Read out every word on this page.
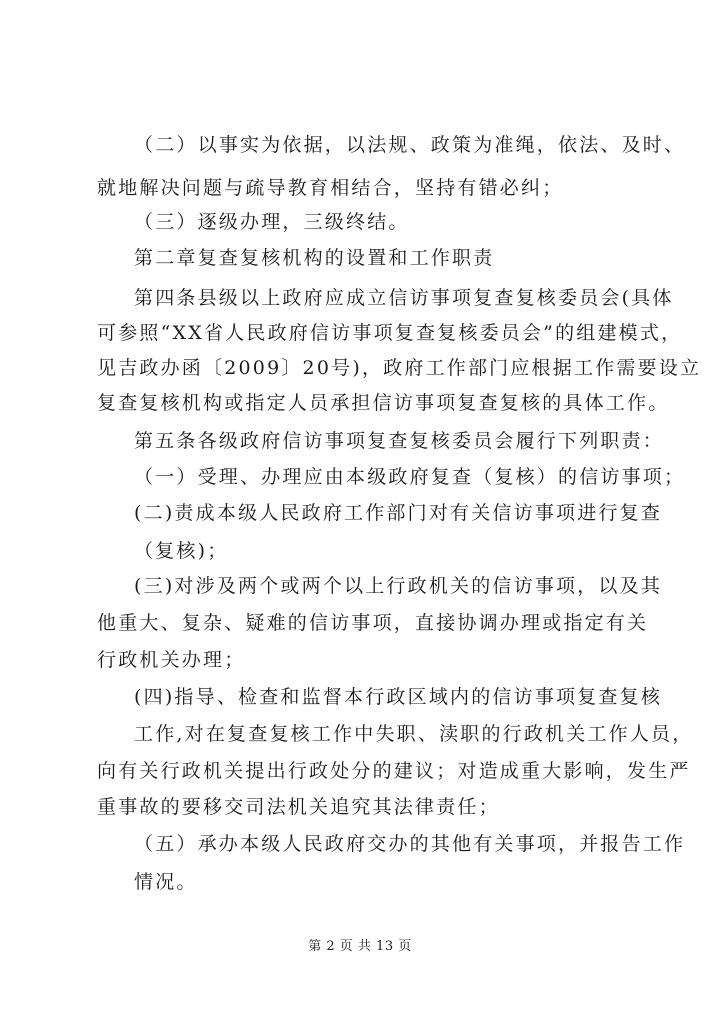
（二）以事实为依据，以法规、政策为准绳，依法、及时、
就地解决问题与疏导教育相结合，坚持有错必纠；
（三）逐级办理，三级终结。
第二章复查复核机构的设置和工作职责
第四条县级以上政府应成立信访事项复查复核委员会(具体
可参照“XX省人民政府信访事项复查复核委员会”的组建模式，
见吉政办函〔2009〕20号)，政府工作部门应根据工作需要设立
复查复核机构或指定人员承担信访事项复查复核的具体工作。
第五条各级政府信访事项复查复核委员会履行下列职责：
（一）受理、办理应由本级政府复查（复核）的信访事项；
(二)责成本级人民政府工作部门对有关信访事项进行复查
（复核)；
(三)对涉及两个或两个以上行政机关的信访事项，以及其
他重大、复杂、疑难的信访事项，直接协调办理或指定有关
行政机关办理；
(四)指导、检查和监督本行政区域内的信访事项复查复核
工作,对在复查复核工作中失职、渎职的行政机关工作人员，
向有关行政机关提出行政处分的建议；对造成重大影响，发生严
重事故的要移交司法机关追究其法律责任；
（五）承办本级人民政府交办的其他有关事项，并报告工作
情况。
第 2 页 共 13 页
